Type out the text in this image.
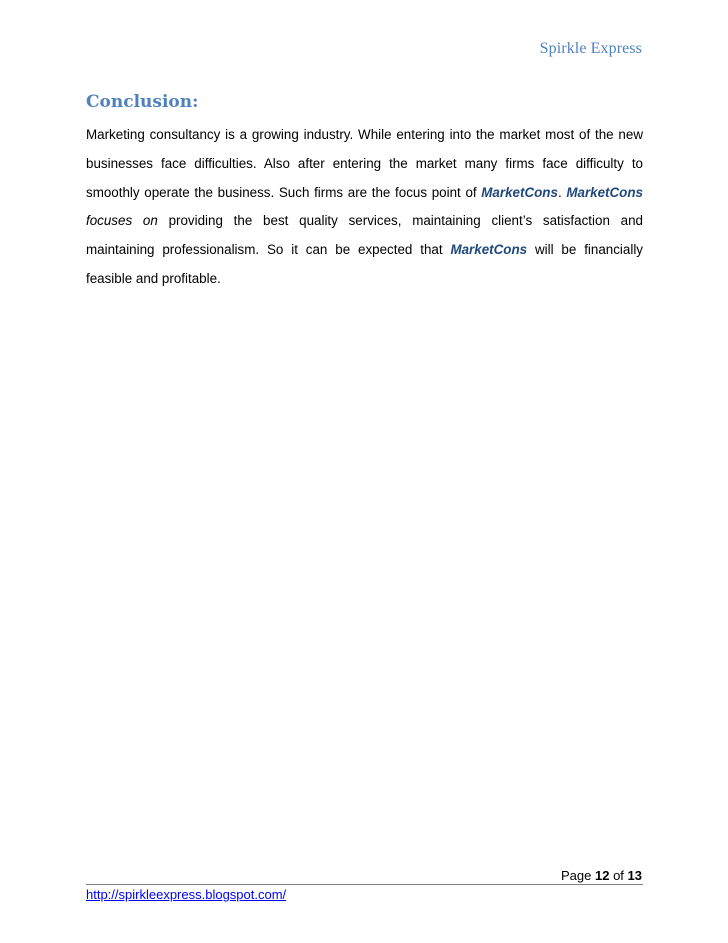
Spirkle Express
Conclusion:

Marketing consultancy is a growing industry. While entering into the market most of the new businesses face difficulties. Also after entering the market many firms face difficulty to smoothly operate the business. Such firms are the focus point of MarketCons. MarketCons focuses on providing the best quality services, maintaining client’s satisfaction and maintaining professionalism. So it can be expected that MarketCons will be financially feasible and profitable.

Page 12 of 13
http://spirkleexpress.blogspot.com/
